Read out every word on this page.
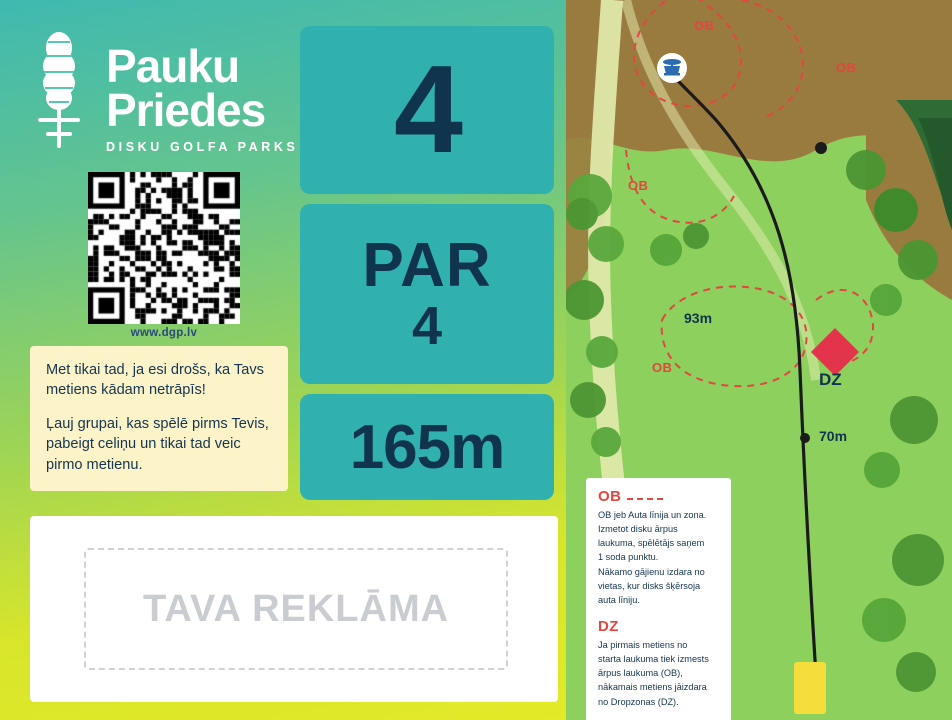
Pauku
Priedes
DISKU GOLFA PARKS
www.dgp.lv

Met tikai tad, ja esi drošs, ka Tavs metiens kādam netrāpīs!

Ļauj grupai, kas spēlē pirms Tevis, pabeigt celiņu un tikai tad veic pirmo metienu.

TAVA REKLĀMA
4
PAR
4
165m
OB
OB
OB
OB
93m
70m
DZ
OB

OB jeb Auta līnija un zona.

Izmetot disku ārpus

laukuma, spēlētājs saņem

1 soda punktu.

Nākamo gājienu izdara no

vietas, kur disks šķērsoja

auta līniju.

DZ

Ja pirmais metiens no

starta laukuma tiek izmests

ārpus laukuma (OB),

nākamais metiens jāizdara

no Dropzonas (DZ).
